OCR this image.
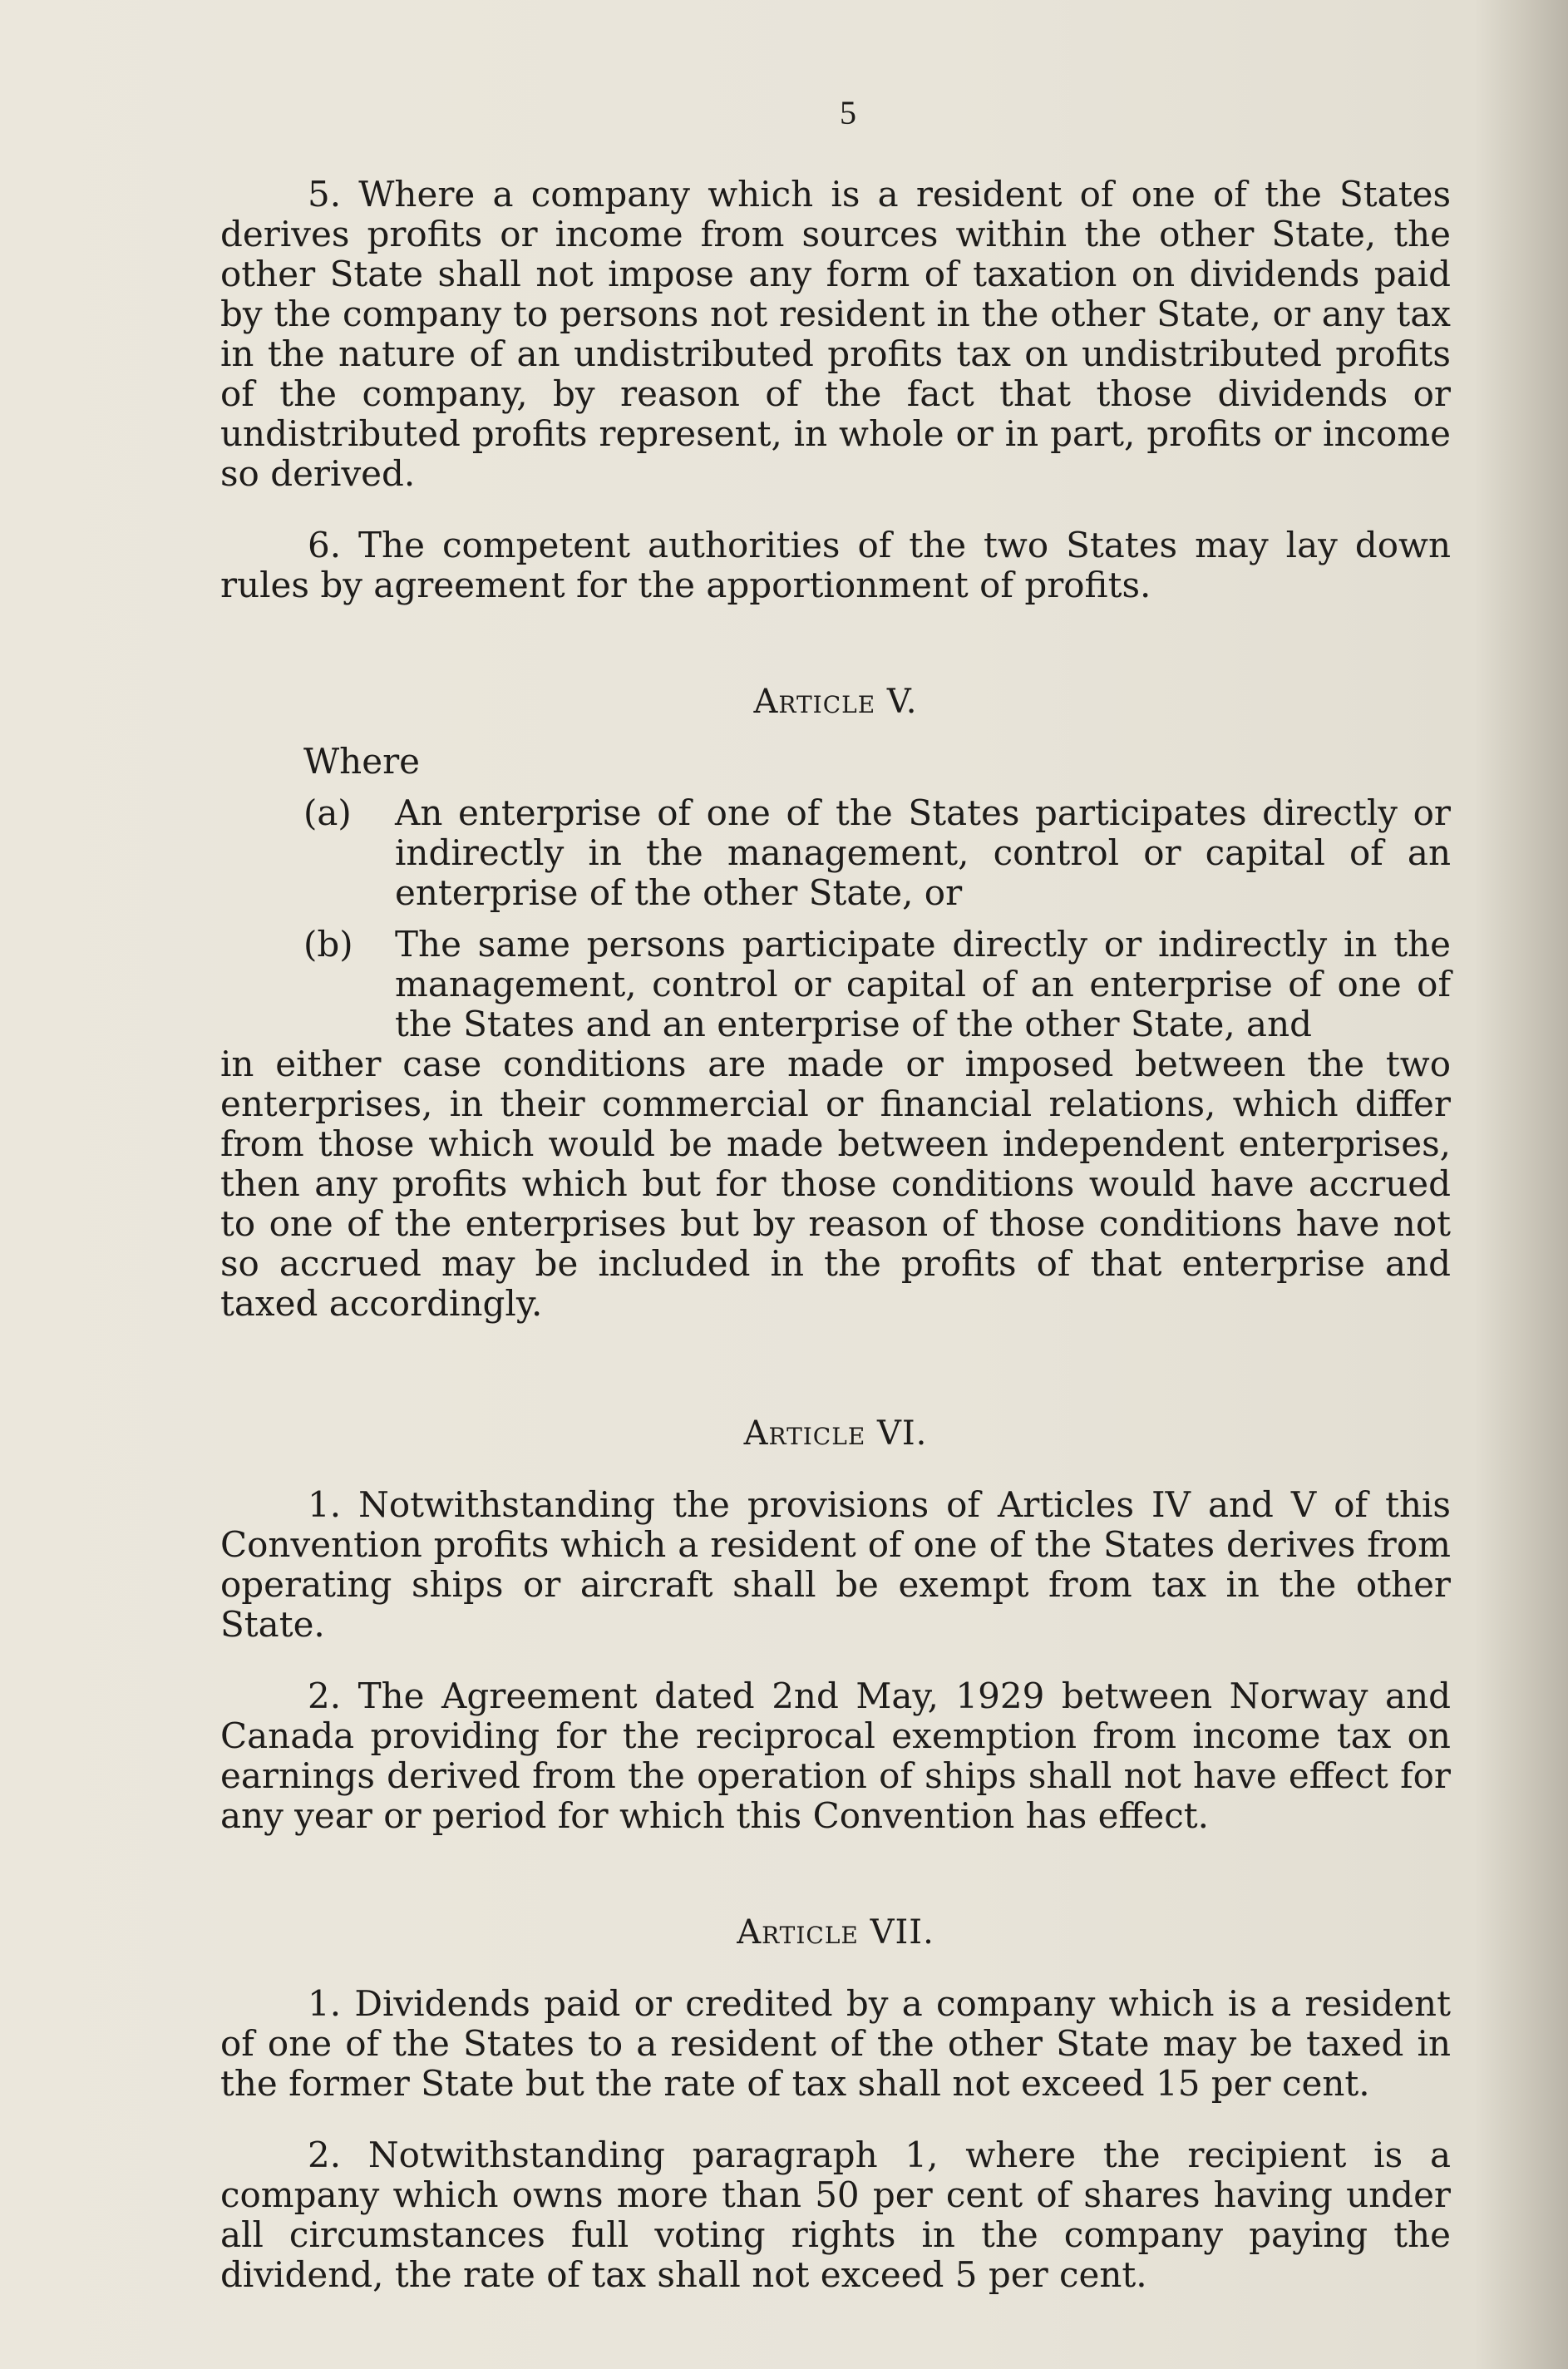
5

5. Where a company which is a resident of one of the States derives profits or income from sources within the other State, the other State shall not impose any form of taxation on dividends paid by the company to persons not resident in the other State, or any tax in the nature of an undistributed profits tax on undistributed profits of the company, by reason of the fact that those dividends or undistributed profits represent, in whole or in part, profits or income so derived.

6. The competent authorities of the two States may lay down rules by agreement for the apportionment of profits.

Article V.

Where

(a)	An enterprise of one of the States participates directly or indirectly in the management, control or capital of an enterprise of the other State, or
(b)	The same persons participate directly or indirectly in the management, control or capital of an enterprise of one of the States and an enterprise of the other State, and

in either case conditions are made or imposed between the two enterprises, in their commercial or financial relations, which differ from those which would be made between independent enterprises, then any profits which but for those conditions would have accrued to one of the enterprises but by reason of those conditions have not so accrued may be included in the profits of that enterprise and taxed accordingly.

Article VI.

1. Notwithstanding the provisions of Articles IV and V of this Convention profits which a resident of one of the States derives from operating ships or aircraft shall be exempt from tax in the other State.

2. The Agreement dated 2nd May, 1929 between Norway and Canada providing for the reciprocal exemption from income tax on earnings derived from the operation of ships shall not have effect for any year or period for which this Convention has effect.

Article VII.

1. Dividends paid or credited by a company which is a resident of one of the States to a resident of the other State may be taxed in the former State but the rate of tax shall not exceed 15 per cent.

2. Notwithstanding paragraph 1, where the recipient is a company which owns more than 50 per cent of shares having under all circumstances full voting rights in the company paying the dividend, the rate of tax shall not exceed 5 per cent.
